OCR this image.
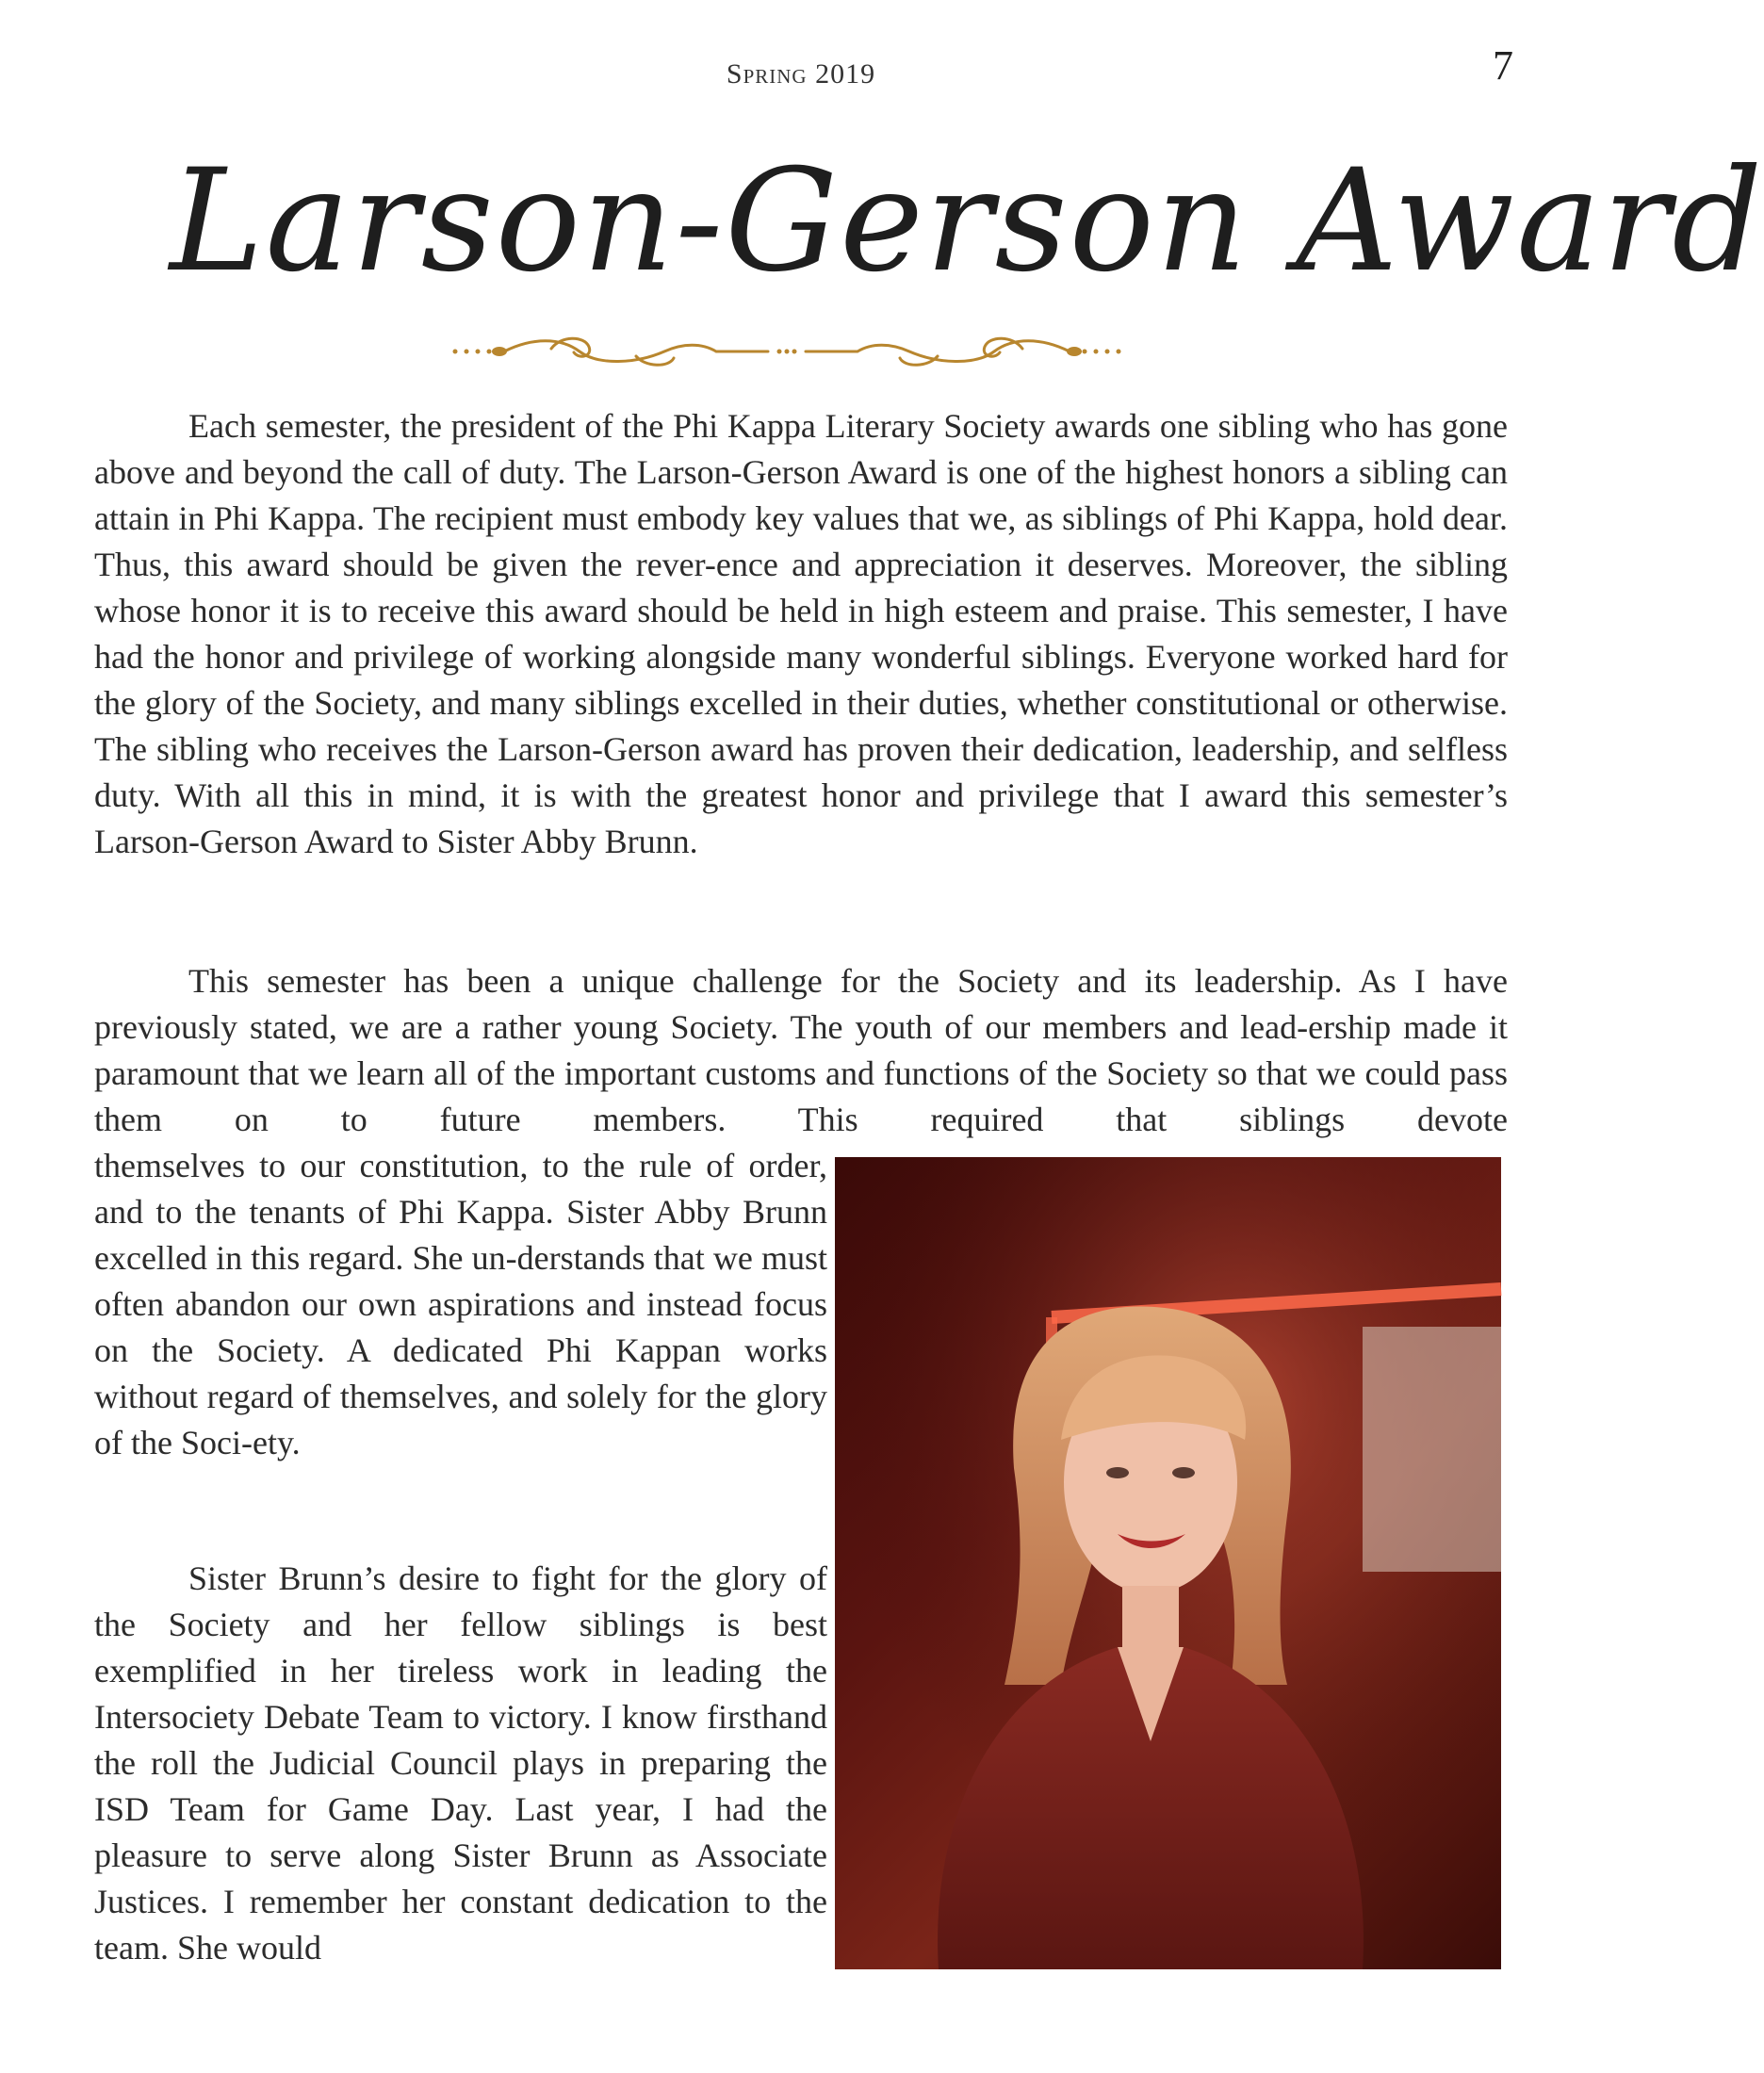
Spring 2019	7
Larson-Gerson Award

Each semester, the president of the Phi Kappa Literary Society awards one sibling who has gone above and beyond the call of duty. The Larson-Gerson Award is one of the highest honors a sibling can attain in Phi Kappa. The recipient must embody key values that we, as siblings of Phi Kappa, hold dear. Thus, this award should be given the rever-ence and appreciation it deserves. Moreover, the sibling whose honor it is to receive this award should be held in high esteem and praise. This semester, I have had the honor and privilege of working alongside many wonderful siblings. Everyone worked hard for the glory of the Society, and many siblings excelled in their duties, whether constitutional or otherwise. The sibling who receives the Larson-Gerson award has proven their dedication, leadership, and selfless duty. With all this in mind, it is with the greatest honor and privilege that I award this semester’s Larson-Gerson Award to Sister Abby Brunn.

This semester has been a unique challenge for the Society and its leadership. As I have previously stated, we are a rather young Society. The youth of our members and lead-ership made it paramount that we learn all of the important customs and functions of the Society so that we could pass them on to future members. This required that siblings devote

themselves to our constitution, to the rule of order, and to the tenants of Phi Kappa. Sister Abby Brunn excelled in this regard. She un-derstands that we must often abandon our own aspirations and instead focus on the Society. A dedicated Phi Kappan works without regard of themselves, and solely for the glory of the Soci-ety.

Sister Brunn’s desire to fight for the glory of the Society and her fellow siblings is best exemplified in her tireless work in leading the Intersociety Debate Team to victory. I know firsthand the roll the Judicial Council plays in preparing the ISD Team for Game Day. Last year, I had the pleasure to serve along Sister Brunn as Associate Justices. I remember her constant dedication to the team. She would
